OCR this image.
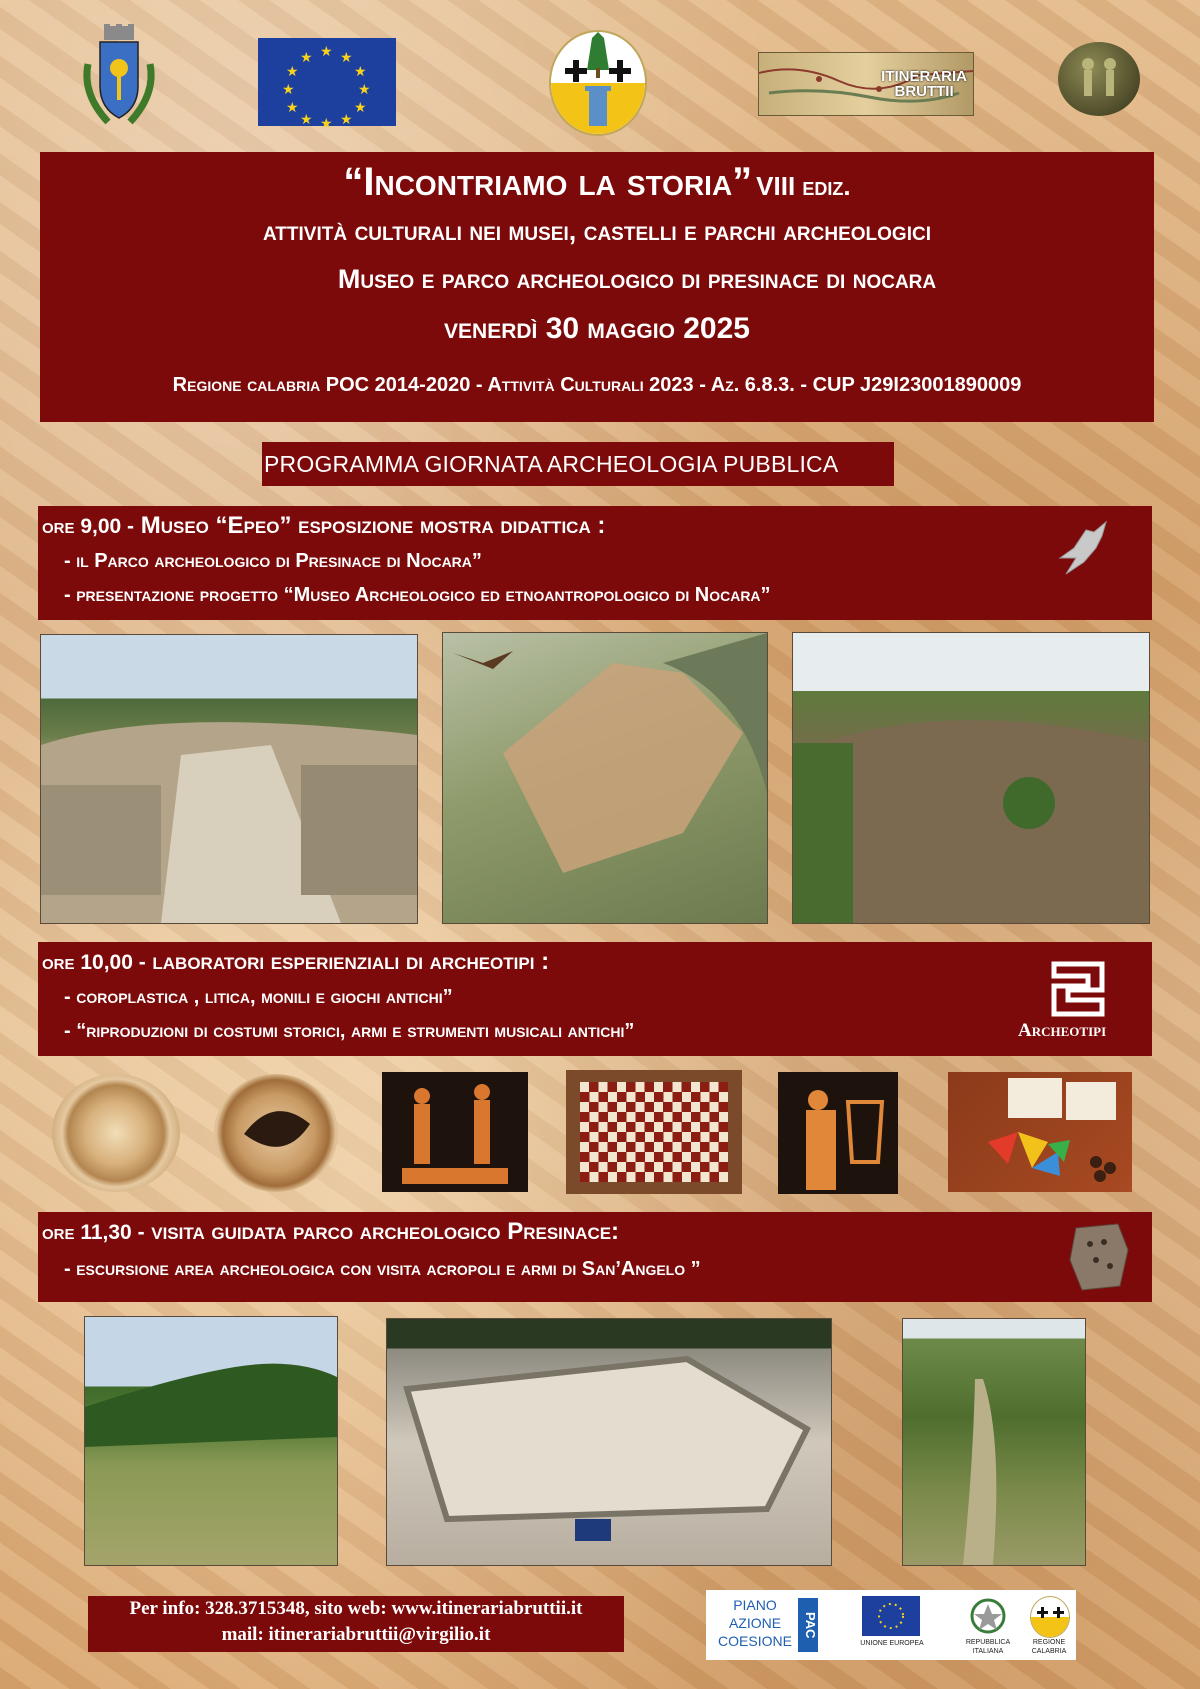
★ ★
★
★
★
★
★
★
★
★
★
★
ITINERARIA
BRUTTII
“Incontriamo la storia” VIII ediz.
attività culturali nei musei, castelli e parchi archeologici
Museo e parco archeologico di presinace di nocara
venerdì 30 maggio 2025
Regione calabria POC 2014-2020 - Attività Culturali 2023 - Az. 6.8.3. - CUP J29I23001890009
PROGRAMMA GIORNATA ARCHEOLOGIA PUBBLICA
ore 9,00 - Museo “Epeo” esposizione mostra didattica :
- il Parco archeologico di Presinace di Nocara”
- presentazione progetto “Museo Archeologico ed etnoantropologico di Nocara”
ore 10,00 - laboratori esperienziali di archeotipi :
- coroplastica , litica, monili e giochi antichi”
- “riproduzioni di costumi storici, armi e strumenti musicali antichi”	Archeotipi
ore 11,30 - visita guidata parco archeologico Presinace:
- escursione area archeologica con visita acropoli e armi di San’Angelo ”
Per info: 328.3715348, sito web: www.itinerariabruttii.it
mail: itinerariabruttii@virgilio.it
PIANO
AZIONE
COESIONE
PAC
UNIONE EUROPEA	REPUBBLICA
ITALIANA
REGIONE
CALABRIA
